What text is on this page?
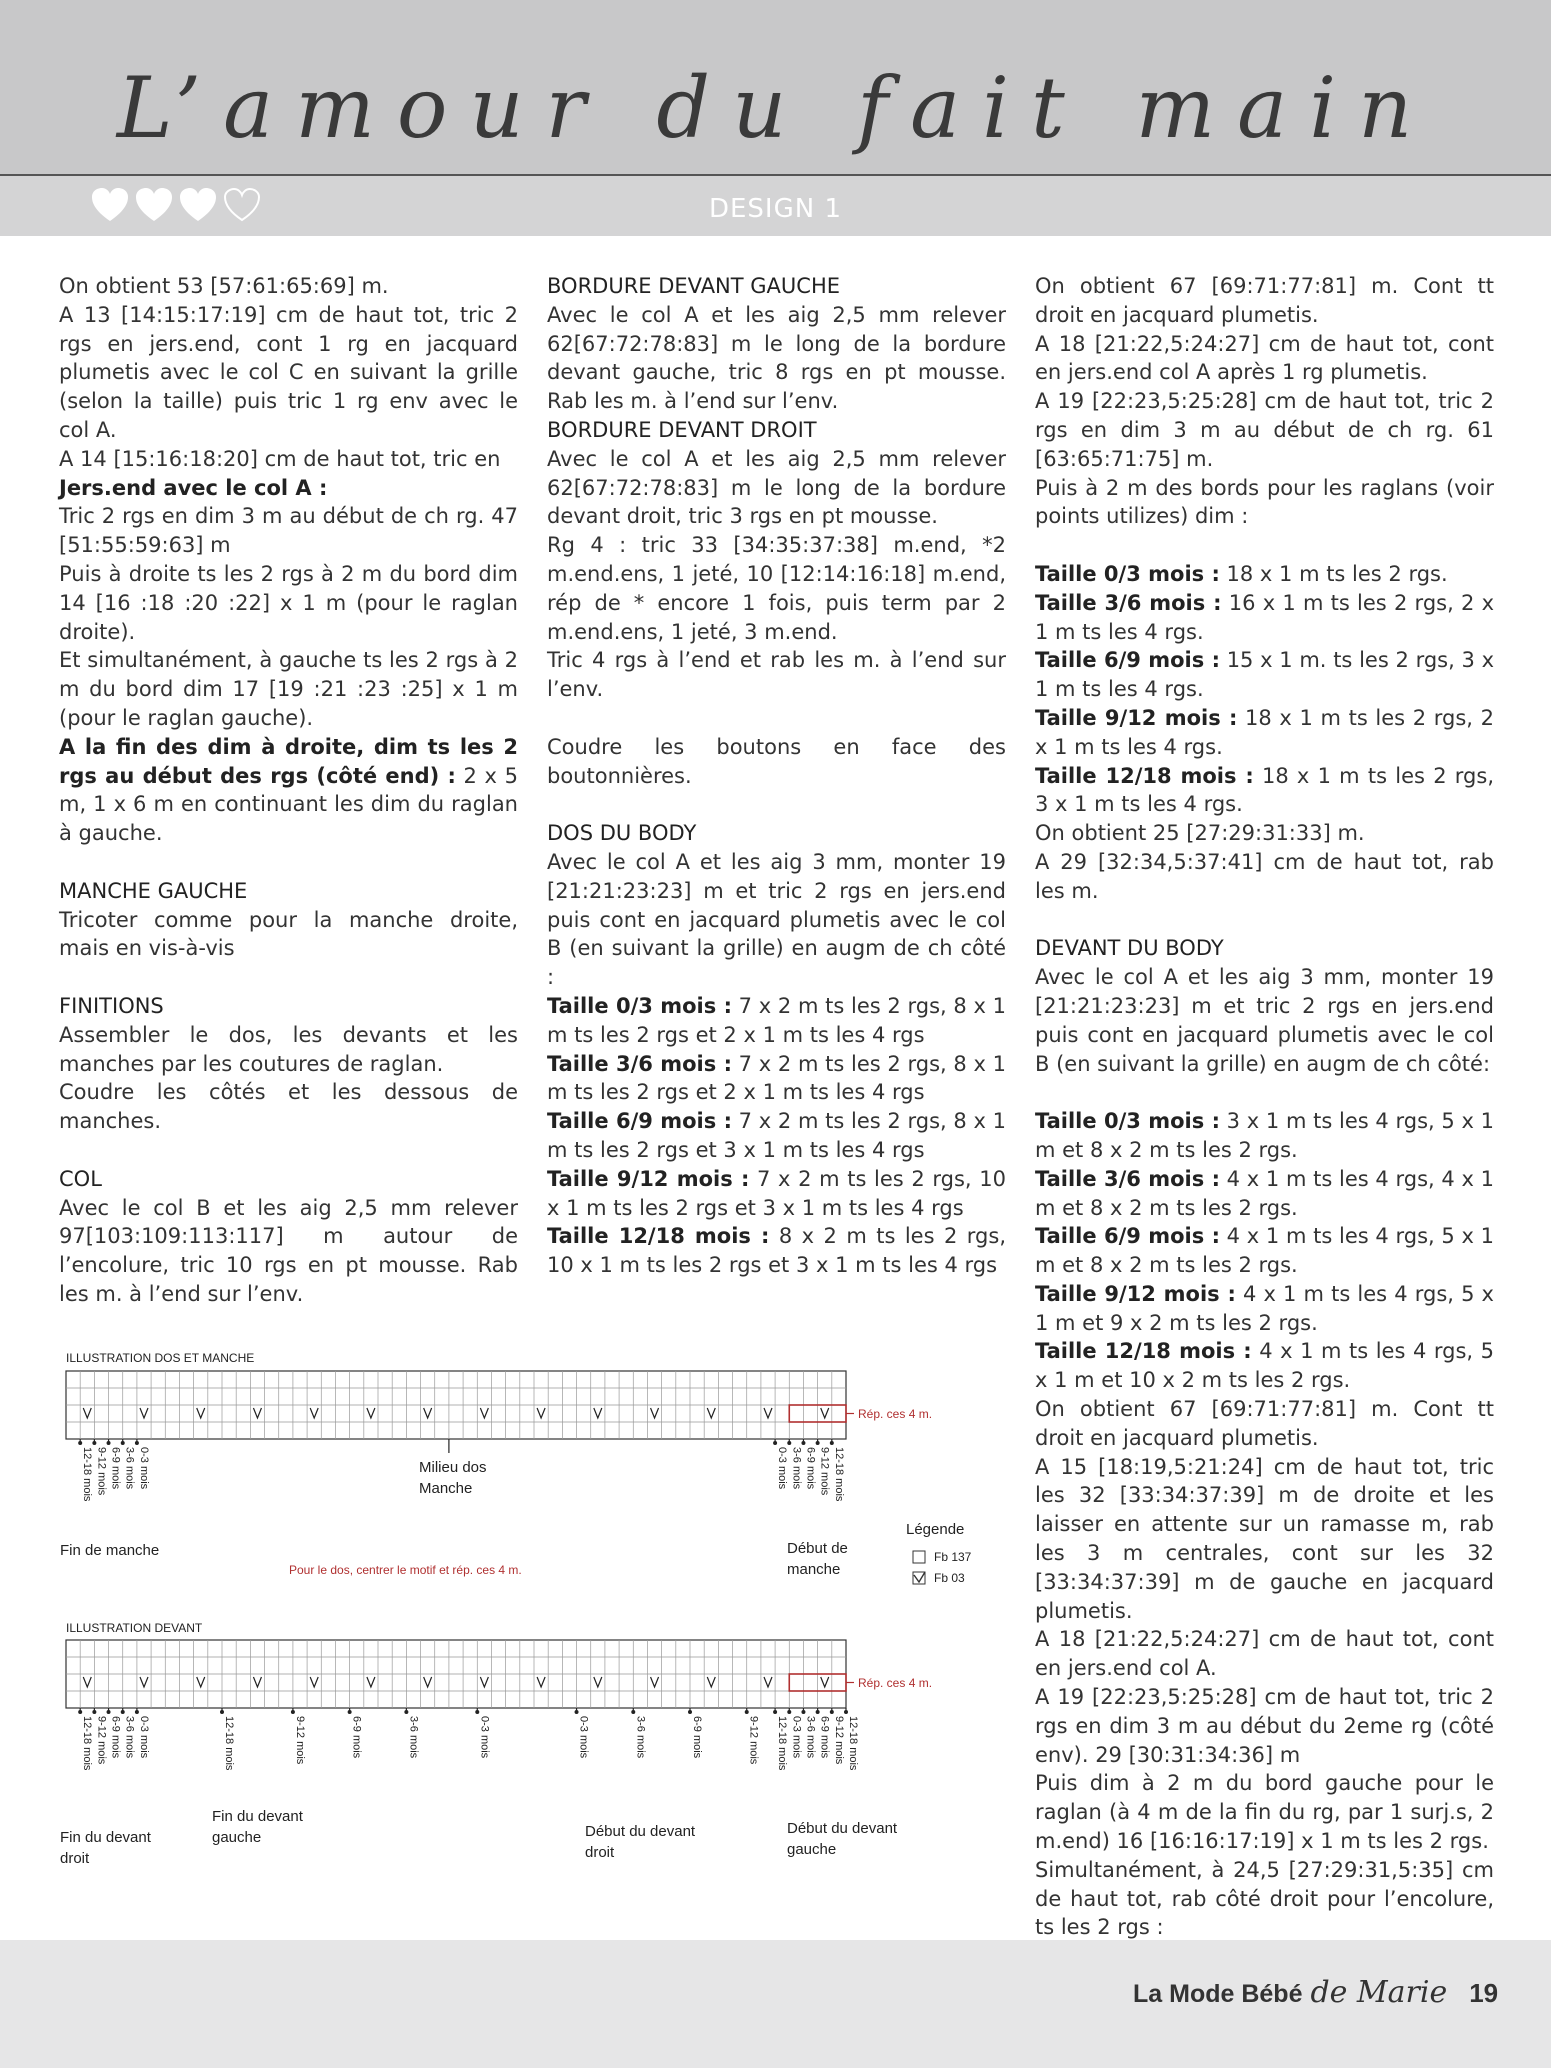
L’amour du fait main
DESIGN 1

On obtient 53 [57:61:65:69] m.

A 13 [14:15:17:19] cm de haut tot, tric 2 rgs en jers.end, cont 1 rg en jacquard plumetis avec le col C en suivant la grille (selon la taille) puis tric 1 rg env avec le col A.

A 14 [15:16:18:20] cm de haut tot, tric en

Jers.end avec le col A :

Tric 2 rgs en dim 3 m au début de ch rg. 47 [51:55:59:63] m

Puis à droite ts les 2 rgs à 2 m du bord dim 14 [16 :18 :20 :22] x 1 m (pour le raglan droite).

Et simultanément, à gauche ts les 2 rgs à 2 m du bord dim 17 [19 :21 :23 :25] x 1 m (pour le raglan gauche).

A la fin des dim à droite, dim ts les 2 rgs au début des rgs (côté end) : 2 x 5 m, 1 x 6 m en continuant les dim du raglan à gauche.

MANCHE GAUCHE

Tricoter comme pour la manche droite, mais en vis-à-vis

FINITIONS

Assembler le dos, les devants et les manches par les coutures de raglan.

Coudre les côtés et les dessous de manches.

COL

Avec le col B et les aig 2,5 mm relever 97[103:109:113:117] m autour de l’encolure, tric 10 rgs en pt mousse. Rab les m. à l’end sur l’env.

BORDURE DEVANT GAUCHE

Avec le col A et les aig 2,5 mm relever 62[67:72:78:83] m le long de la bordure devant gauche, tric 8 rgs en pt mousse. Rab les m. à l’end sur l’env.

BORDURE DEVANT DROIT

Avec le col A et les aig 2,5 mm relever 62[67:72:78:83] m le long de la bordure devant droit, tric 3 rgs en pt mousse.

Rg 4 : tric 33 [34:35:37:38] m.end, *2 m.end.ens, 1 jeté, 10 [12:14:16:18] m.end, rép de * encore 1 fois, puis term par 2 m.end.ens, 1 jeté, 3 m.end.

Tric 4 rgs à l’end et rab les m. à l’end sur l’env.

Coudre les boutons en face des boutonnières.

DOS DU BODY

Avec le col A et les aig 3 mm, monter 19 [21:21:23:23] m et tric 2 rgs en jers.end puis cont en jacquard plumetis avec le col B (en suivant la grille) en augm de ch côté :

Taille 0/3 mois : 7 x 2 m ts les 2 rgs, 8 x 1 m ts les 2 rgs et 2 x 1 m ts les 4 rgs

Taille 3/6 mois : 7 x 2 m ts les 2 rgs, 8 x 1 m ts les 2 rgs et 2 x 1 m ts les 4 rgs

Taille 6/9 mois : 7 x 2 m ts les 2 rgs, 8 x 1 m ts les 2 rgs et 3 x 1 m ts les 4 rgs

Taille 9/12 mois : 7 x 2 m ts les 2 rgs, 10 x 1 m ts les 2 rgs et 3 x 1 m ts les 4 rgs

Taille 12/18 mois : 8 x 2 m ts les 2 rgs, 10 x 1 m ts les 2 rgs et 3 x 1 m ts les 4 rgs

On obtient 67 [69:71:77:81] m. Cont tt droit en jacquard plumetis.

A 18 [21:22,5:24:27] cm de haut tot, cont en jers.end col A après 1 rg plumetis.

A 19 [22:23,5:25:28] cm de haut tot, tric 2 rgs en dim 3 m au début de ch rg. 61 [63:65:71:75] m.

Puis à 2 m des bords pour les raglans (voir points utilizes) dim :

Taille 0/3 mois : 18 x 1 m ts les 2 rgs.

Taille 3/6 mois : 16 x 1 m ts les 2 rgs, 2 x 1 m ts les 4 rgs.

Taille 6/9 mois : 15 x 1 m. ts les 2 rgs, 3 x 1 m ts les 4 rgs.

Taille 9/12 mois : 18 x 1 m ts les 2 rgs, 2 x 1 m ts les 4 rgs.

Taille 12/18 mois : 18 x 1 m ts les 2 rgs, 3 x 1 m ts les 4 rgs.

On obtient 25 [27:29:31:33] m.

A 29 [32:34,5:37:41] cm de haut tot, rab les m.

DEVANT DU BODY

Avec le col A et les aig 3 mm, monter 19 [21:21:23:23] m et tric 2 rgs en jers.end puis cont en jacquard plumetis avec le col B (en suivant la grille) en augm de ch côté:

Taille 0/3 mois : 3 x 1 m ts les 4 rgs, 5 x 1 m et 8 x 2 m ts les 2 rgs.

Taille 3/6 mois : 4 x 1 m ts les 4 rgs, 4 x 1 m et 8 x 2 m ts les 2 rgs.

Taille 6/9 mois : 4 x 1 m ts les 4 rgs, 5 x 1 m et 8 x 2 m ts les 2 rgs.

Taille 9/12 mois : 4 x 1 m ts les 4 rgs, 5 x 1 m et 9 x 2 m ts les 2 rgs.

Taille 12/18 mois : 4 x 1 m ts les 4 rgs, 5 x 1 m et 10 x 2 m ts les 2 rgs.

On obtient 67 [69:71:77:81] m. Cont tt droit en jacquard plumetis.

A 15 [18:19,5:21:24] cm de haut tot, tric les 32 [33:34:37:39] m de droite et les laisser en attente sur un ramasse m, rab les 3 m centrales, cont sur les 32 [33:34:37:39] m de gauche en jacquard plumetis.

A 18 [21:22,5:24:27] cm de haut tot, cont en jers.end col A.

A 19 [22:23,5:25:28] cm de haut tot, tric 2 rgs en dim 3 m au début du 2eme rg (côté env). 29 [30:31:34:36] m

Puis dim à 2 m du bord gauche pour le raglan (à 4 m de la fin du rg, par 1 surj.s, 2 m.end) 16 [16:16:17:19] x 1 m ts les 2 rgs.

Simultanément, à 24,5 [27:29:31,5:35] cm de haut tot, rab côté droit pour l’encolure, ts les 2 rgs :

ILLUSTRATION DOS ET MANCHE
Rép. ces 4 m.
0-3 mois
3-6 mois
6-9 mois
9-12 mois
12-18 mois	0-3 mois 3-6 mois 6-9 mois 9-12 mois 12-18 mois
Milieu dos
Manche
Fin de manche	Début de
manche
Pour le dos, centrer le motif et rép. ces 4 m.
Légende
Fb 137
Fb 03
ILLUSTRATION DEVANT
Rép. ces 4 m.
0-3 mois
3-6 mois
6-9 mois
9-12 mois
12-18 mois	0-3 mois
3-6 mois
6-9 mois
9-12 mois
12-18 mois	0-3 mois	3-6 mois	6-9 mois	9-12 mois 12-18 mois 0-3 mois 3-6 mois 6-9 mois 9-12 mois 12-18 mois
Fin du devant
droit
Fin du devant
gauche	Début du devant
droit
Début du devant
gauche
La Mode Bébé de Marie 19
